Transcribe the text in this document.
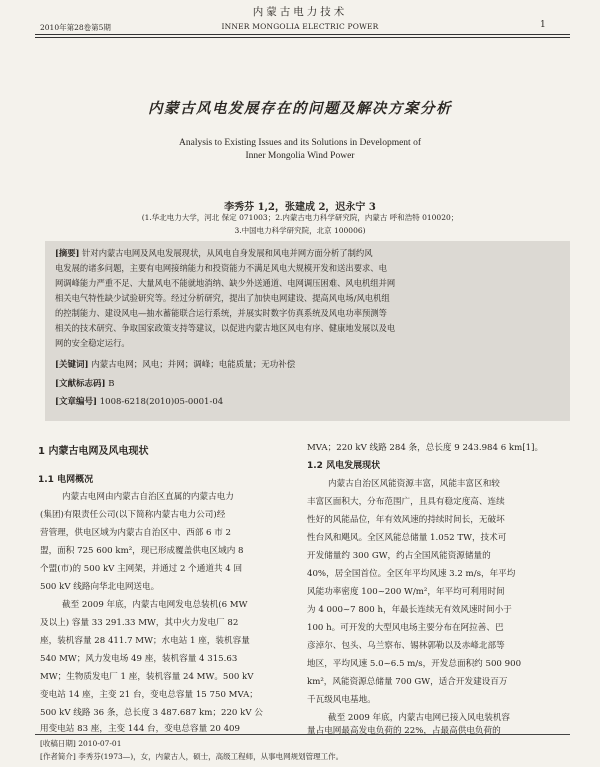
内蒙古电力技术
2010年第28卷第5期	INNER MONGOLIA ELECTRIC POWER	1
内蒙古风电发展存在的问题及解决方案分析
Analysis to Existing Issues and its Solutions in Development of
Inner Mongolia Wind Power
李秀芬 1,2，张建成 2，迟永宁 3
(1.华北电力大学，河北 保定 071003；2.内蒙古电力科学研究院，内蒙古 呼和浩特 010020；
3.中国电力科学研究院，北京 100006)
[摘要] 针对内蒙古电网及风电发展现状，从风电自身发展和风电并网方面分析了制约风
电发展的诸多问题，主要有电网接纳能力和投资能力不满足风电大规模开发和送出要求、电
网调峰能力严重不足、大量风电不能就地消纳、缺少外送通道、电网调压困难、风电机组并网
相关电气特性缺少试验研究等。经过分析研究，提出了加快电网建设、提高风电场/风电机组
的控制能力、建设风电—抽水蓄能联合运行系统，并展实时数字仿真系统及风电功率预测等
相关的技术研究、争取国家政策支持等建议，以促进内蒙古地区风电有序、健康地发展以及电
网的安全稳定运行。
[关键词] 内蒙古电网；风电；并网；调峰；电能质量；无功补偿
[文献标志码] B
[文章编号] 1008-6218(2010)05-0001-04
1 内蒙古电网及风电现状
1.1 电网概况
内蒙古电网由内蒙古自治区直属的内蒙古电力
(集团)有限责任公司(以下简称内蒙古电力公司)经
营管理，供电区域为内蒙古自治区中、西部 6 市 2
盟，面积 725 600 km²，现已形成覆盖供电区域内 8
个盟(市)的 500 kV 主网架，并通过 2 个通道共 4 回
500 kV 线路向华北电网送电。
截至 2009 年底，内蒙古电网发电总装机(6 MW
及以上) 容量 33 291.33 MW，其中火力发电厂 82
座，装机容量 28 411.7 MW；水电站 1 座，装机容量
540 MW；风力发电场 49 座，装机容量 4 315.63
MW；生物质发电厂 1 座，装机容量 24 MW。500 kV
变电站 14 座，主变 21 台，变电总容量 15 750 MVA；
500 kV 线路 36 条，总长度 3 487.687 km；220 kV 公
用变电站 83 座，主变 144 台，变电总容量 20 409
MVA；220 kV 线路 284 条，总长度 9 243.984 6 km[1]。
1.2 风电发展现状
内蒙古自治区风能资源丰富，风能丰富区和较
丰富区面积大，分布范围广，且具有稳定度高、连续
性好的风能品位，年有效风速的持续时间长，无破坏
性台风和飓风。全区风能总储量 1.052 TW，技术可
开发储量约 300 GW，约占全国风能资源储量的
40%，居全国首位。全区年平均风速 3.2 m/s，年平均
风能功率密度 100~200 W/m²，年平均可利用时间
为 4 000~7 800 h，年最长连续无有效风速时间小于
100 h。可开发的大型风电场主要分布在阿拉善、巴
彦淖尔、包头、乌兰察布、锡林郭勒以及赤峰北部等
地区，平均风速 5.0~6.5 m/s，开发总面积约 500 900
km²，风能资源总储量 700 GW，适合开发建设百万
千瓦级风电基地。
截至 2009 年底，内蒙古电网已接入风电装机容
量占电网最高发电负荷的 22%，占最高供电负荷的
[收稿日期] 2010-07-01
[作者简介] 李秀芬(1973—)，女，内蒙古人，硕士，高级工程师，从事电网规划管理工作。
